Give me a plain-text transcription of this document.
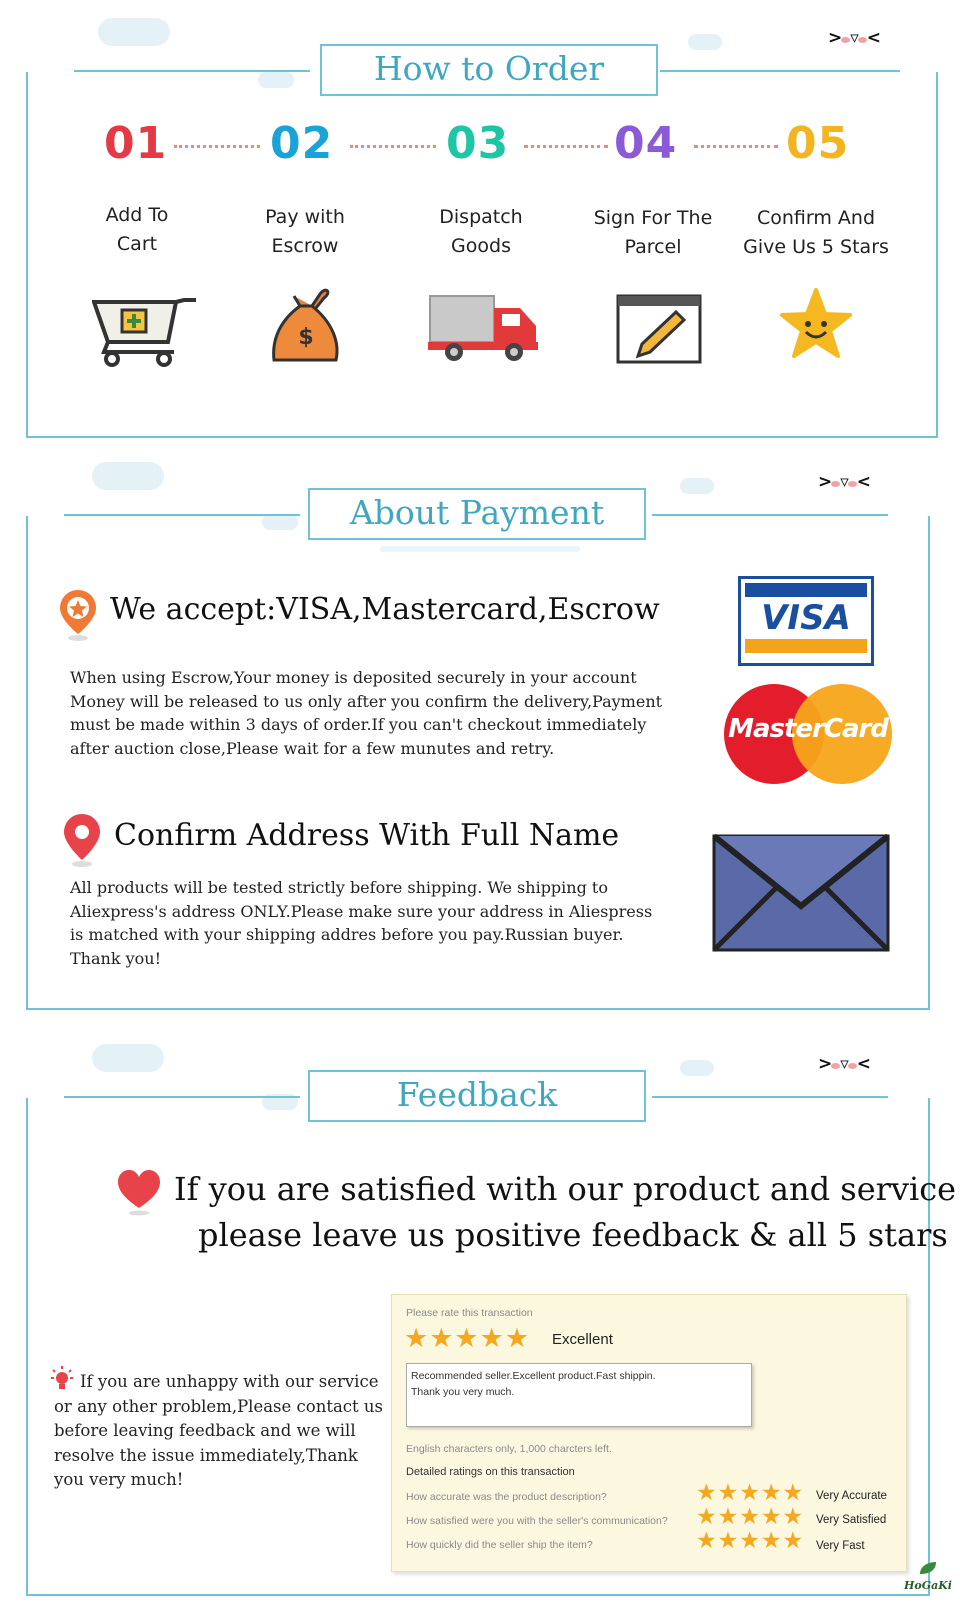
How to Order
> ▿ <
01 02	03 04 05
Add To
Cart
Pay with
Escrow
Dispatch
Goods
Sign For The
Parcel
Confirm And
Give Us 5 Stars
$
About Payment
> ▿ <
We accept:VISA,Mastercard,Escrow
When using Escrow,Your money is deposited securely in your account
Money will be released to us only after you confirm the delivery,Payment
must be made within 3 days of order.If you can't checkout immediately
after auction close,Please wait for a few munutes and retry.
VISA
MasterCard
Confirm Address With Full Name
All products will be tested strictly before shipping. We shipping to
Aliexpress's address ONLY.Please make sure your address in Aliespress
is matched with your shipping addres before you pay.Russian buyer.
Thank you!
Feedback
> ▿ <
If you are satisfied with our product and service
please leave us positive feedback & all 5 stars
If you are unhappy with our service
or any other problem,Please contact us
before leaving feedback and we will
resolve the issue immediately,Thank
you very much!
Please rate this transaction
★★★★★ Excellent
Recommended seller.Excellent product.Fast shippin.
Thank you very much.
English characters only, 1,000 charcters left.
Detailed ratings on this transaction
How accurate was the product description?	★★★★★ Very Accurate
How satisfied were you with the seller's communication? ★★★★★ Very Satisfied
How quickly did the seller ship the item?	★★★★★ Very Fast
HoGaKi
